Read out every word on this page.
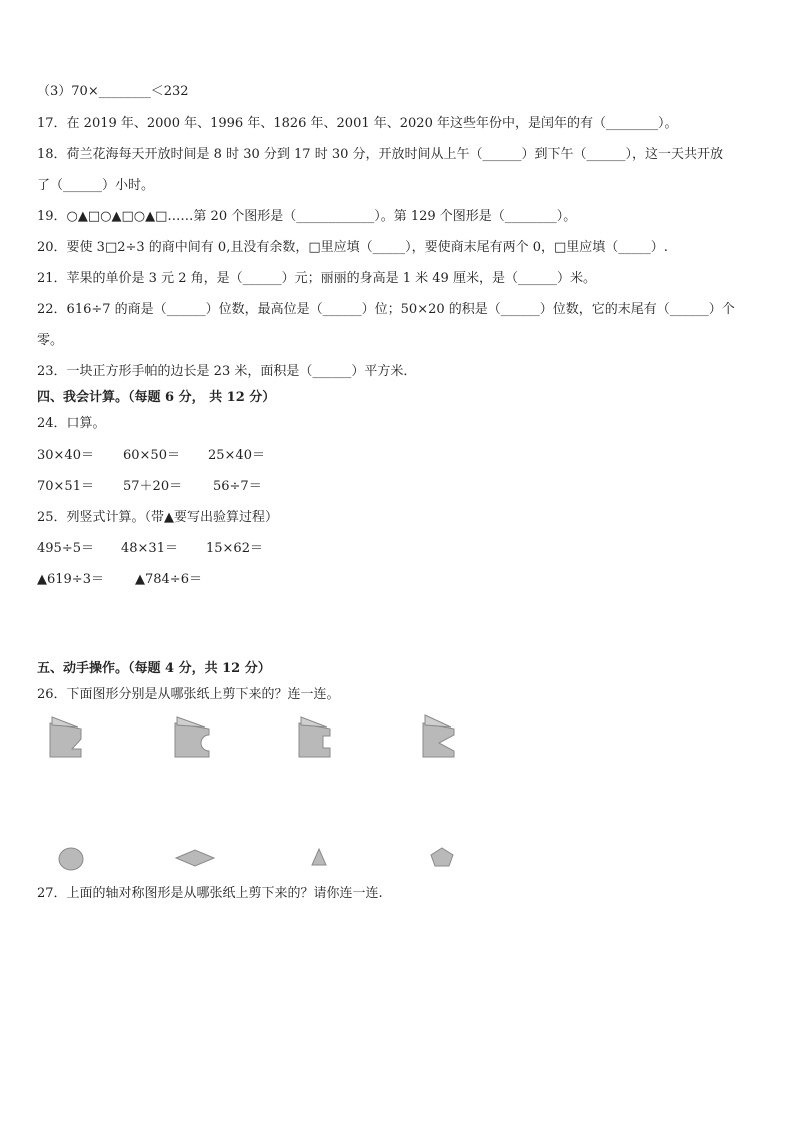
（3）70×________＜232
17．在 2019 年、2000 年、1996 年、1826 年、2001 年、2020 年这些年份中，是闰年的有（________）。
18．荷兰花海每天开放时间是 8 时 30 分到 17 时 30 分，开放时间从上午（______）到下午（______），这一天共开放
了（______）小时。
19．○▲□○▲□○▲□……第 20 个图形是（____________）。第 129 个图形是（________）。
20．要使 3□2÷3 的商中间有 0,且没有余数，□里应填（_____），要使商末尾有两个 0，□里应填（_____）.
21．苹果的单价是 3 元 2 角，是（______）元；丽丽的身高是 1 米 49 厘米，是（______）米。
22．616÷7 的商是（______）位数，最高位是（______）位；50×20 的积是（______）位数，它的末尾有（______）个
零。
23．一块正方形手帕的边长是 23 米，面积是（______）平方米．
四、我会计算。（每题 6 分， 共 12 分）
24．口算。
30×40＝ 60×50＝ 25×40＝
70×51＝ 57＋20＝ 56÷7＝
25．列竖式计算。（带▲要写出验算过程）
495÷5＝ 48×31＝ 15×62＝
▲619÷3＝ ▲784÷6＝
五、动手操作。（每题 4 分，共 12 分）
26．下面图形分别是从哪张纸上剪下来的？连一连。
27．上面的轴对称图形是从哪张纸上剪下来的？请你连一连.
